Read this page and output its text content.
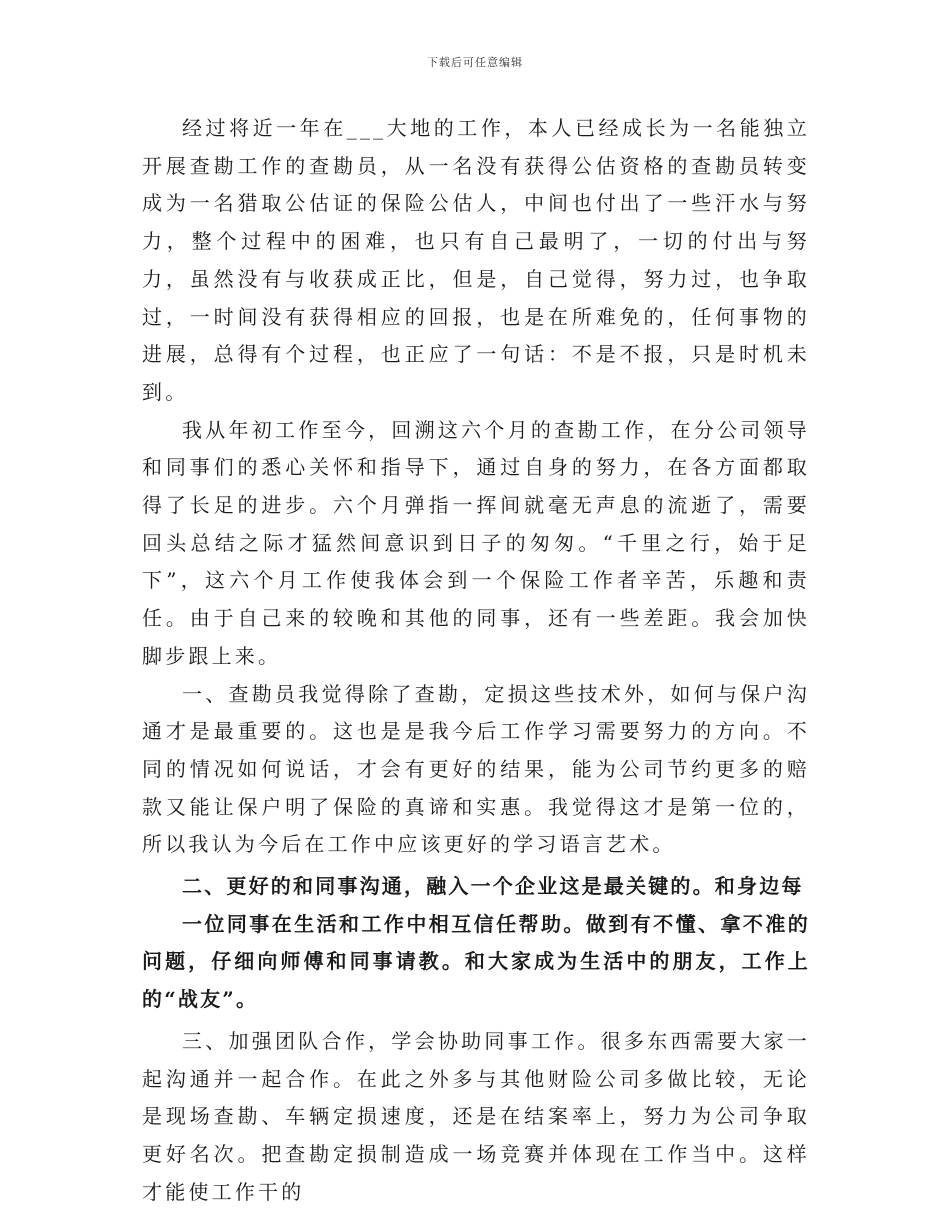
下载后可任意编辑

经过将近一年在___大地的工作，本人已经成长为一名能独立开展查勘工作的查勘员，从一名没有获得公估资格的查勘员转变成为一名猎取公估证的保险公估人，中间也付出了一些汗水与努力，整个过程中的困难，也只有自己最明了，一切的付出与努力，虽然没有与收获成正比，但是，自己觉得，努力过，也争取过，一时间没有获得相应的回报，也是在所难免的，任何事物的进展，总得有个过程，也正应了一句话：不是不报，只是时机未到。

我从年初工作至今，回溯这六个月的查勘工作，在分公司领导和同事们的悉心关怀和指导下，通过自身的努力，在各方面都取得了长足的进步。六个月弹指一挥间就毫无声息的流逝了，需要回头总结之际才猛然间意识到日子的匆匆。“千里之行，始于足下”，这六个月工作使我体会到一个保险工作者辛苦，乐趣和责任。由于自己来的较晚和其他的同事，还有一些差距。我会加快脚步跟上来。

一、查勘员我觉得除了查勘，定损这些技术外，如何与保户沟通才是最重要的。这也是是我今后工作学习需要努力的方向。不同的情况如何说话，才会有更好的结果，能为公司节约更多的赔款又能让保户明了保险的真谛和实惠。我觉得这才是第一位的，所以我认为今后在工作中应该更好的学习语言艺术。

二、更好的和同事沟通，融入一个企业这是最关键的。和身边每

一位同事在生活和工作中相互信任帮助。做到有不懂、拿不准的问题，仔细向师傅和同事请教。和大家成为生活中的朋友，工作上的“战友”。

三、加强团队合作，学会协助同事工作。很多东西需要大家一起沟通并一起合作。在此之外多与其他财险公司多做比较，无论是现场查勘、车辆定损速度，还是在结案率上，努力为公司争取更好名次。把查勘定损制造成一场竞赛并体现在工作当中。这样才能使工作干的
